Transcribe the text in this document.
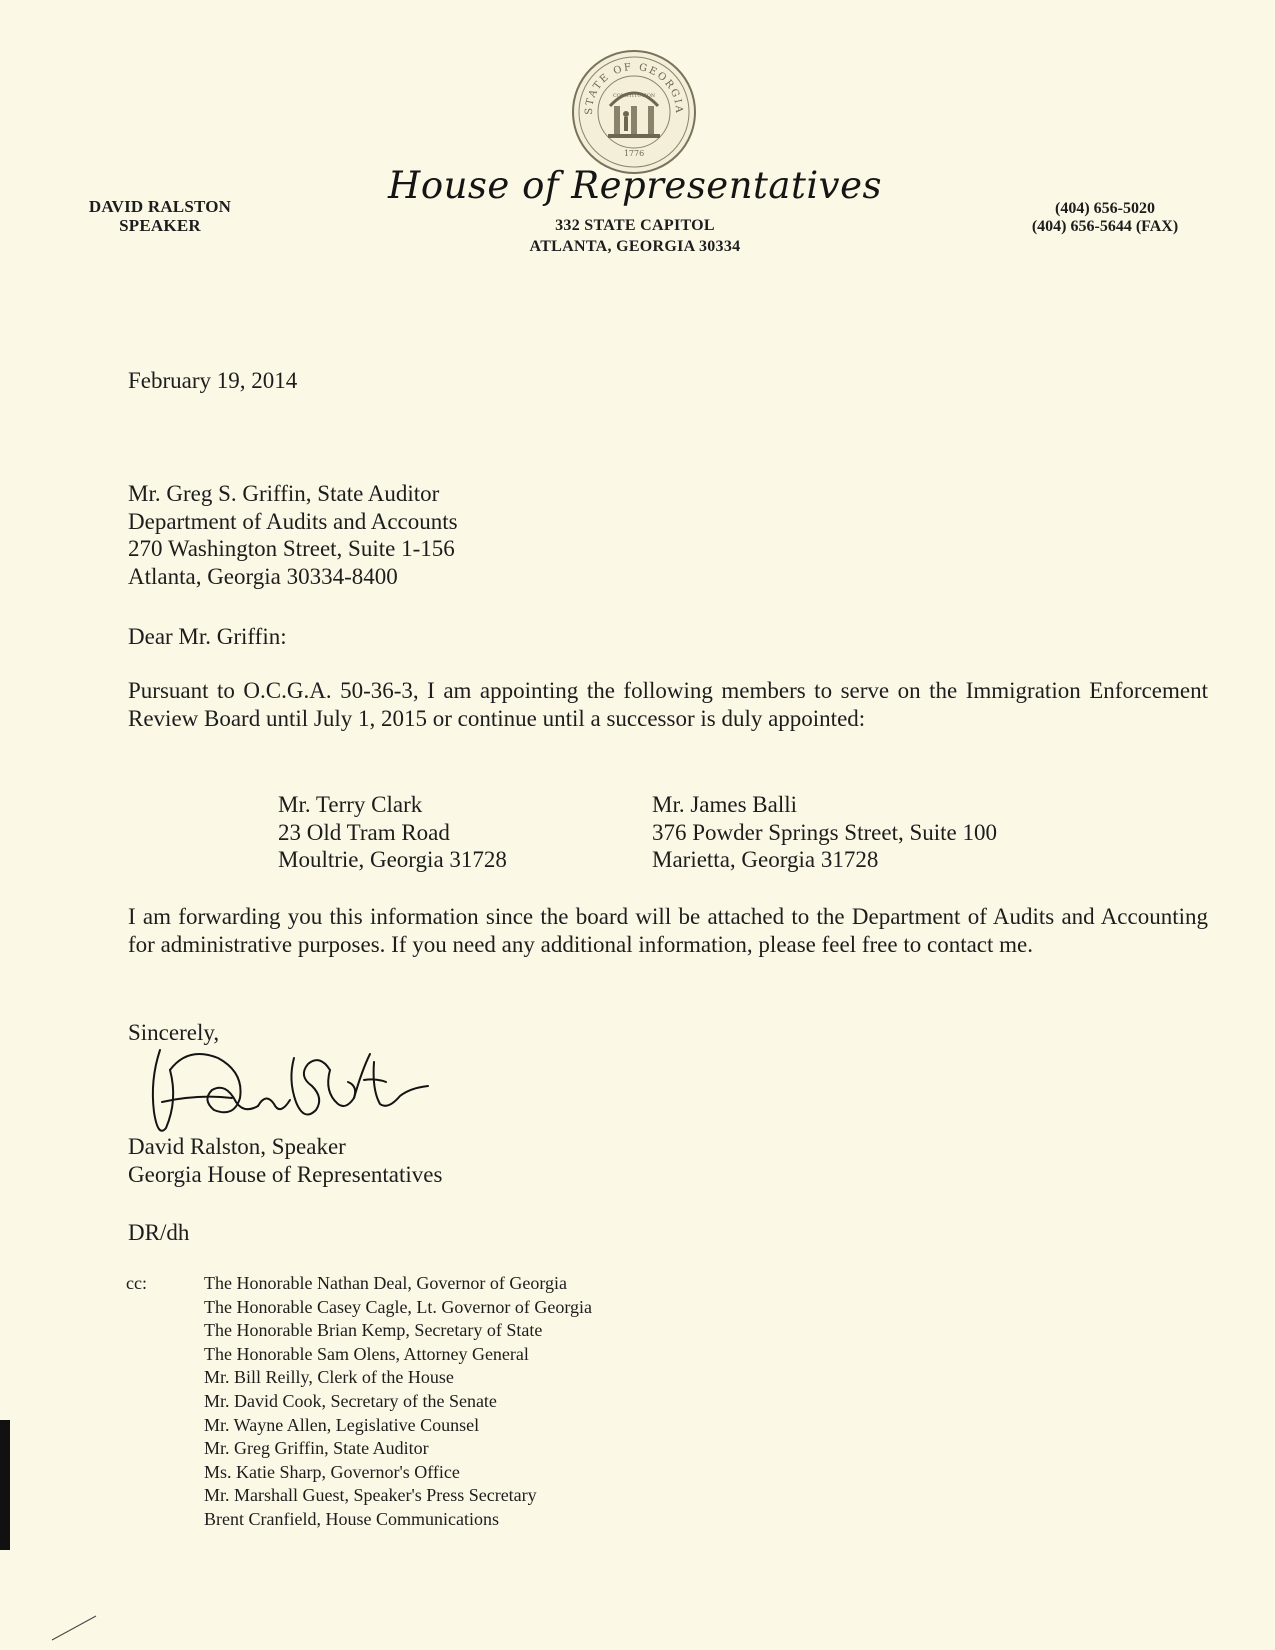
STATE OF GEORGIA
CONSTITUTION
1776
DAVID RALSTON
SPEAKER
House of Representatives
332 STATE CAPITOL
ATLANTA, GEORGIA 30334
(404) 656-5020
(404) 656-5644 (FAX)
February 19, 2014
Mr. Greg S. Griffin, State Auditor
Department of Audits and Accounts
270 Washington Street, Suite 1-156
Atlanta, Georgia 30334-8400
Dear Mr. Griffin:
Pursuant to O.C.G.A. 50-36-3, I am appointing the following members to serve on the Immigration Enforcement Review Board until July 1, 2015 or continue until a successor is duly appointed:
Mr. Terry Clark
23 Old Tram Road
Moultrie, Georgia 31728
Mr. James Balli
376 Powder Springs Street, Suite 100
Marietta, Georgia 31728
I am forwarding you this information since the board will be attached to the Department of Audits and Accounting for administrative purposes. If you need any additional information, please feel free to contact me.
Sincerely,
David Ralston, Speaker
Georgia House of Representatives
DR/dh
cc:	The Honorable Nathan Deal, Governor of Georgia
The Honorable Casey Cagle, Lt. Governor of Georgia
The Honorable Brian Kemp, Secretary of State
The Honorable Sam Olens, Attorney General
Mr. Bill Reilly, Clerk of the House
Mr. David Cook, Secretary of the Senate
Mr. Wayne Allen, Legislative Counsel
Mr. Greg Griffin, State Auditor
Ms. Katie Sharp, Governor's Office
Mr. Marshall Guest, Speaker's Press Secretary
Brent Cranfield, House Communications
